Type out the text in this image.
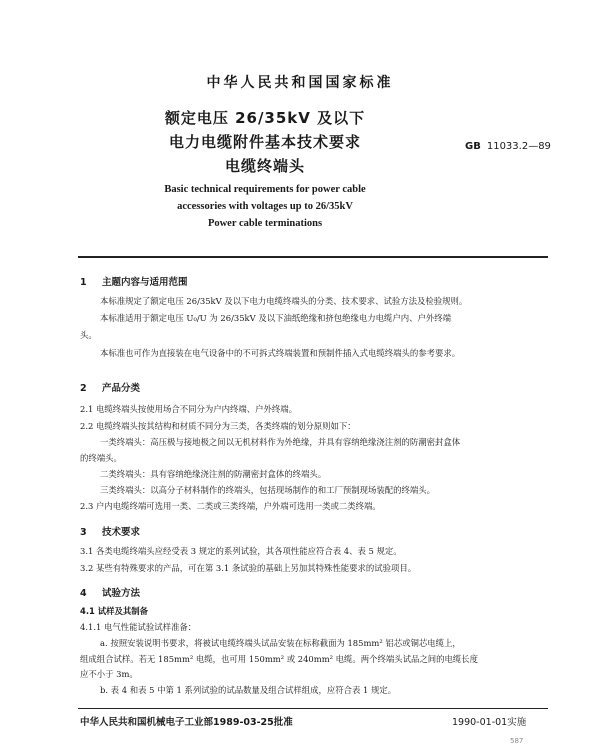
中华人民共和国国家标准
额定电压 26/35kV 及以下
电力电缆附件基本技术要求
电缆终端头
GB 11033.2—89
Basic technical requirements for power cable
accessories with voltages up to 26/35kV
Power cable terminations
1 主题内容与适用范围
本标准规定了额定电压 26/35kV 及以下电力电缆终端头的分类、技术要求、试验方法及检验规则。
本标准适用于额定电压 U₀/U 为 26/35kV 及以下油纸绝缘和挤包绝缘电力电缆户内、户外终端
头。
本标准也可作为直接装在电气设备中的不可拆式终端装置和预制件插入式电缆终端头的参考要求。
2 产品分类
2.1 电缆终端头按使用场合不同分为户内终端、户外终端。
2.2 电缆终端头按其结构和材质不同分为三类，各类终端的划分原则如下：
一类终端头：高压极与接地极之间以无机材料作为外绝缘，并具有容纳绝缘浇注剂的防潮密封盒体
的终端头。
二类终端头：具有容纳绝缘浇注剂的防潮密封盒体的终端头。
三类终端头：以高分子材料制作的终端头，包括现场制作的和工厂预制现场装配的终端头。
2.3 户内电缆终端可选用一类、二类或三类终端，户外端可选用一类或二类终端。
3 技术要求
3.1 各类电缆终端头应经受表 3 规定的系列试验，其各项性能应符合表 4、表 5 规定。
3.2 某些有特殊要求的产品，可在第 3.1 条试验的基础上另加其特殊性能要求的试验项目。
4 试验方法
4.1 试样及其制备
4.1.1 电气性能试验试样准备：
a. 按照安装说明书要求，将被试电缆终端头试品安装在标称截面为 185mm² 铝芯或铜芯电缆上，
组成组合试样。若无 185mm² 电缆，也可用 150mm² 或 240mm² 电缆。两个终端头试品之间的电缆长度
应不小于 3m。
b. 表 4 和表 5 中第 1 系列试验的试品数量及组合试样组成，应符合表 1 规定。
中华人民共和国机械电子工业部1989-03-25批准	1990-01-01实施
587
